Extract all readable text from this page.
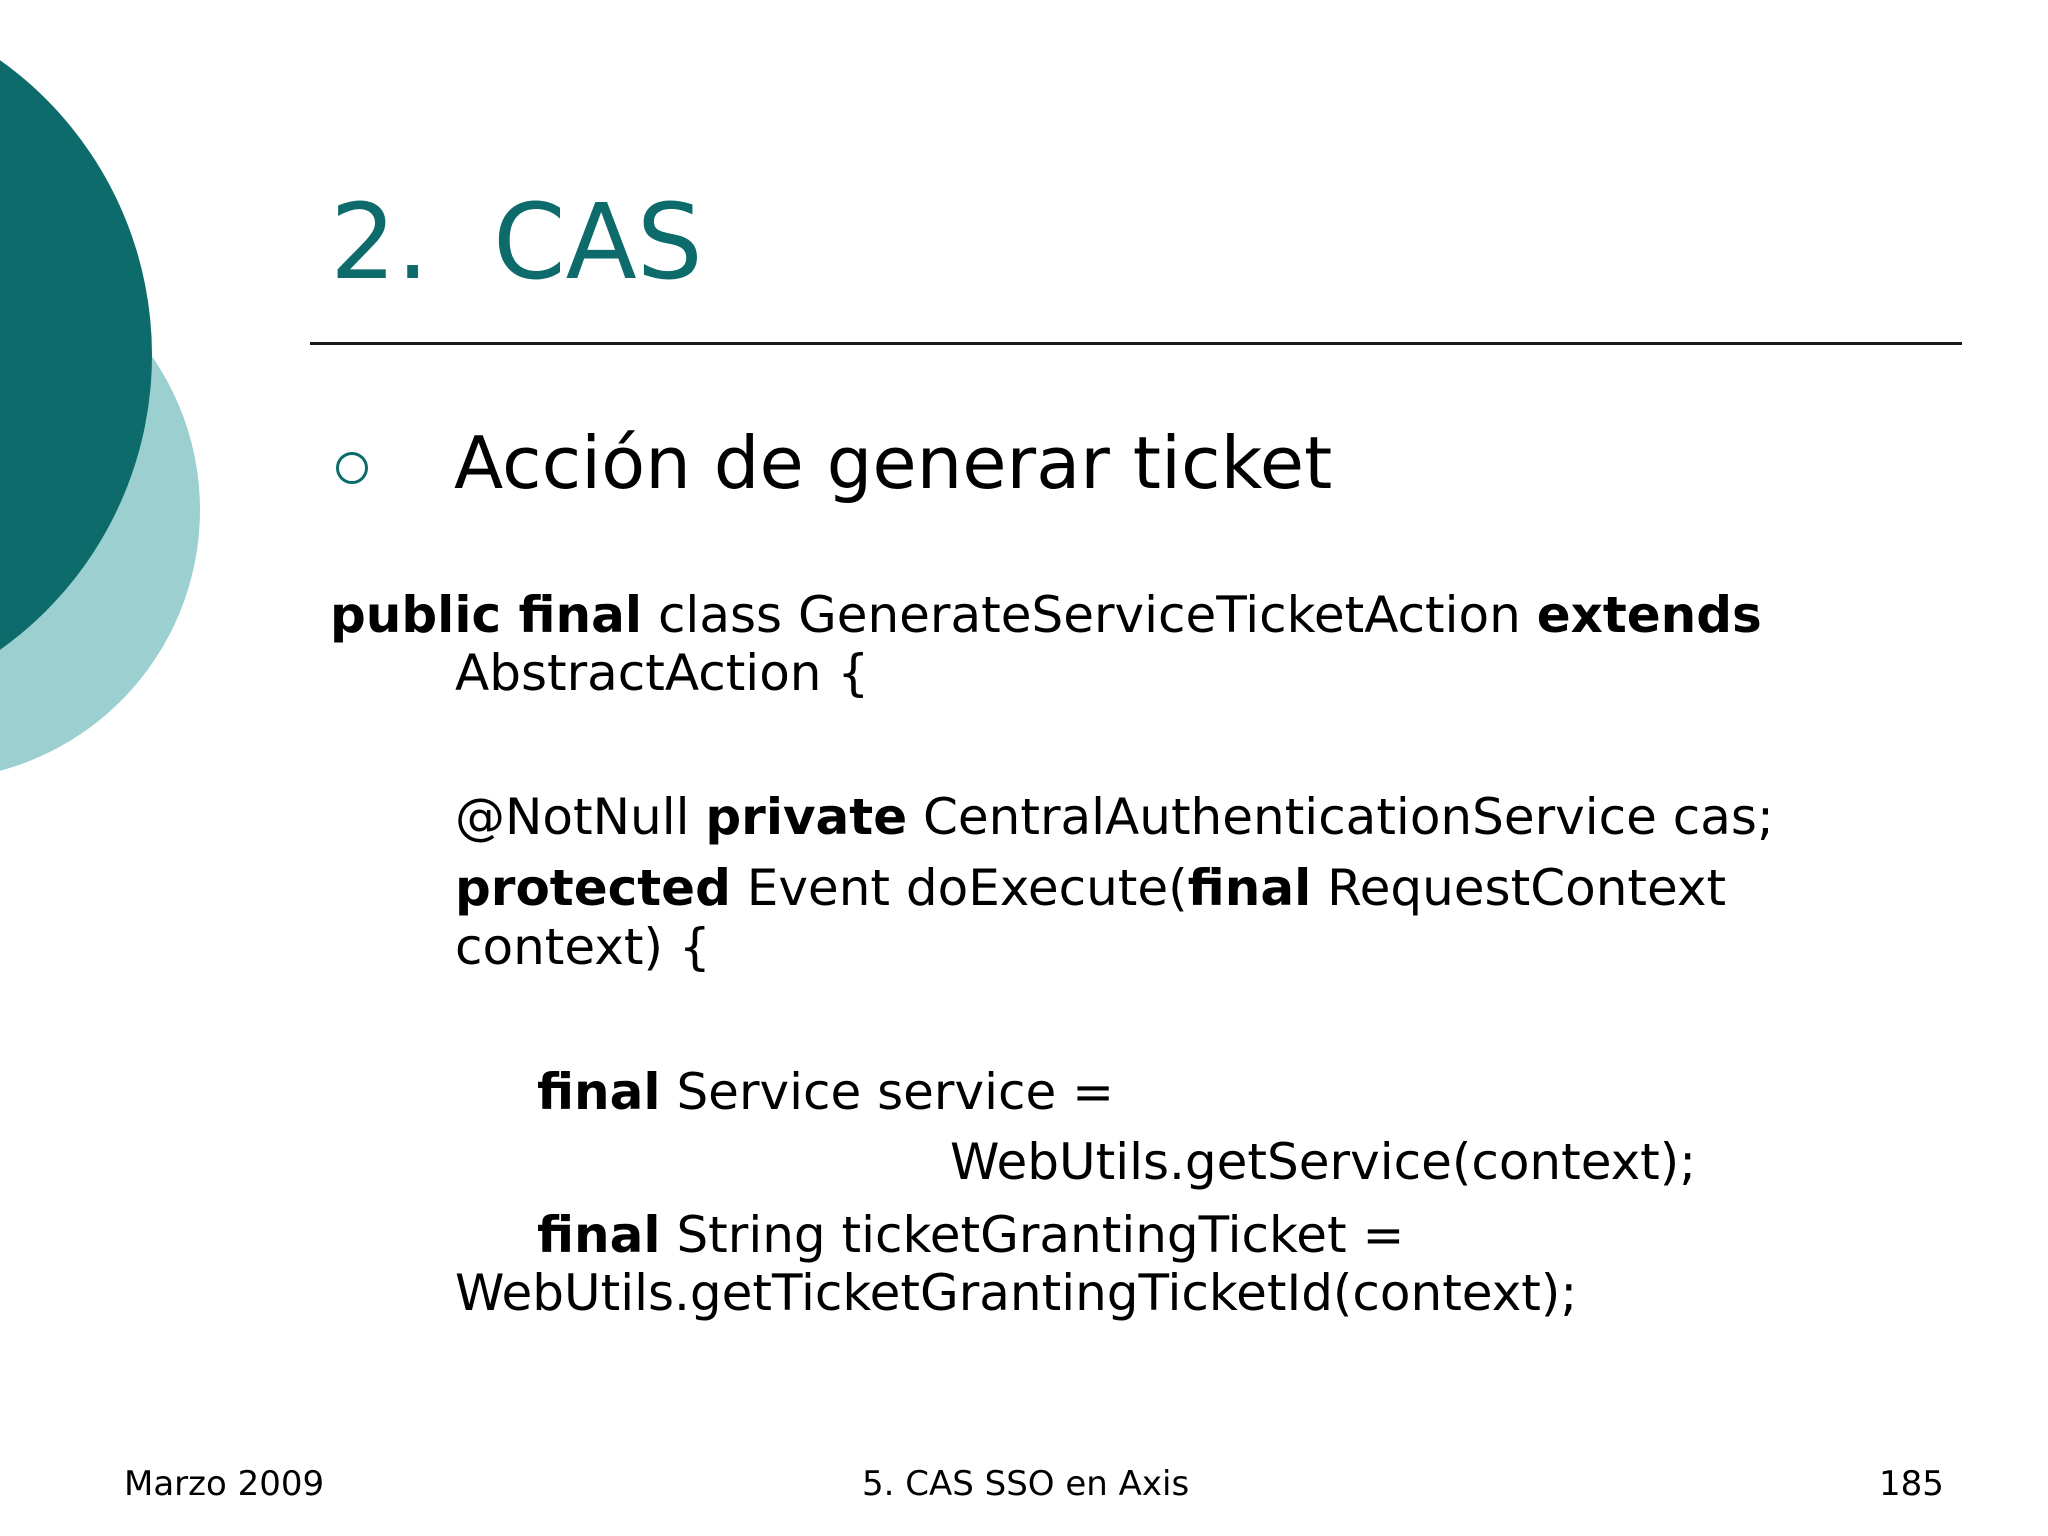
2. CAS
Acción de generar ticket
public final class GenerateServiceTicketAction extends
AbstractAction {
@NotNull private CentralAuthenticationService cas;
protected Event doExecute(final RequestContext
context) {
final Service service =
WebUtils.getService(context);
final String ticketGrantingTicket =
WebUtils.getTicketGrantingTicketId(context);
Marzo 2009	5. CAS SSO en Axis	185
